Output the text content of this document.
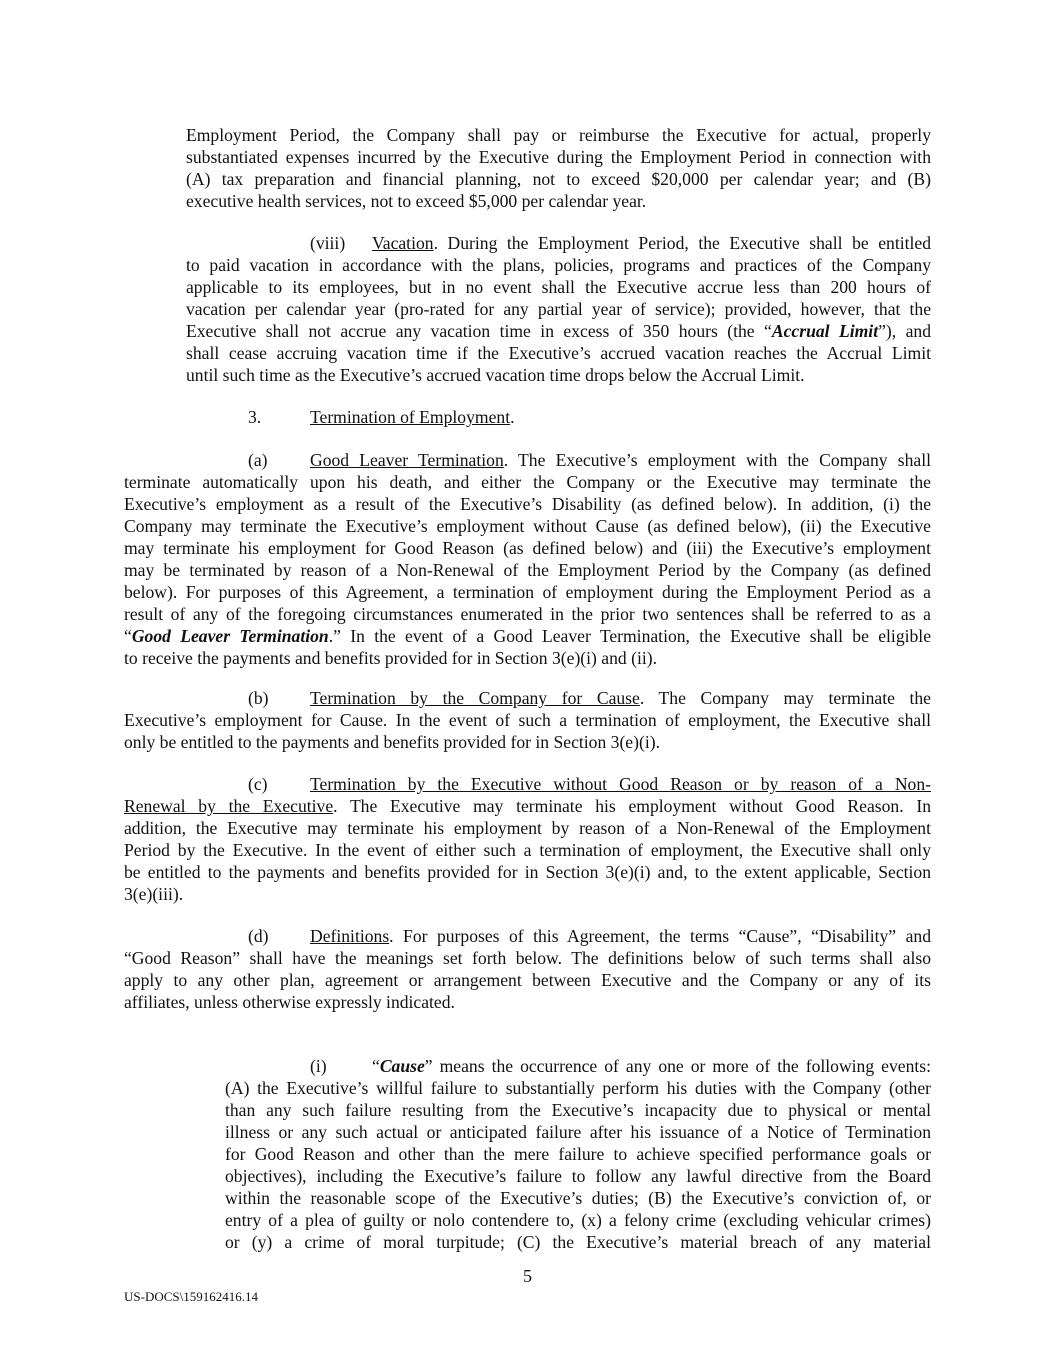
Employment Period, the Company shall pay or reimburse the Executive for actual, properly
substantiated expenses incurred by the Executive during the Employment Period in connection with
(A) tax preparation and financial planning, not to exceed $20,000 per calendar year; and (B)
executive health services, not to exceed $5,000 per calendar year.
(viii) Vacation. During the Employment Period, the Executive shall be entitled
to paid vacation in accordance with the plans, policies, programs and practices of the Company
applicable to its employees, but in no event shall the Executive accrue less than 200 hours of
vacation per calendar year (pro-rated for any partial year of service); provided, however, that the
Executive shall not accrue any vacation time in excess of 350 hours (the “Accrual Limit”), and
shall cease accruing vacation time if the Executive’s accrued vacation reaches the Accrual Limit
until such time as the Executive’s accrued vacation time drops below the Accrual Limit.
3.	Termination of Employment.
(a) Good Leaver Termination. The Executive’s employment with the Company shall
terminate automatically upon his death, and either the Company or the Executive may terminate the
Executive’s employment as a result of the Executive’s Disability (as defined below). In addition, (i) the
Company may terminate the Executive’s employment without Cause (as defined below), (ii) the Executive
may terminate his employment for Good Reason (as defined below) and (iii) the Executive’s employment
may be terminated by reason of a Non-Renewal of the Employment Period by the Company (as defined
below). For purposes of this Agreement, a termination of employment during the Employment Period as a
result of any of the foregoing circumstances enumerated in the prior two sentences shall be referred to as a
“Good Leaver Termination.” In the event of a Good Leaver Termination, the Executive shall be eligible
to receive the payments and benefits provided for in Section 3(e)(i) and (ii).
(b) Termination by the Company for Cause. The Company may terminate the
Executive’s employment for Cause. In the event of such a termination of employment, the Executive shall
only be entitled to the payments and benefits provided for in Section 3(e)(i).
(c) Termination by the Executive without Good Reason or by reason of a Non-
Renewal by the Executive. The Executive may terminate his employment without Good Reason. In
addition, the Executive may terminate his employment by reason of a Non-Renewal of the Employment
Period by the Executive. In the event of either such a termination of employment, the Executive shall only
be entitled to the payments and benefits provided for in Section 3(e)(i) and, to the extent applicable, Section
3(e)(iii).
(d) Definitions. For purposes of this Agreement, the terms “Cause”, “Disability” and
“Good Reason” shall have the meanings set forth below. The definitions below of such terms shall also
apply to any other plan, agreement or arrangement between Executive and the Company or any of its
affiliates, unless otherwise expressly indicated.
(i)	“Cause” means the occurrence of any one or more of the following events:
(A) the Executive’s willful failure to substantially perform his duties with the Company (other
than any such failure resulting from the Executive’s incapacity due to physical or mental
illness or any such actual or anticipated failure after his issuance of a Notice of Termination
for Good Reason and other than the mere failure to achieve specified performance goals or
objectives), including the Executive’s failure to follow any lawful directive from the Board
within the reasonable scope of the Executive’s duties; (B) the Executive’s conviction of, or
entry of a plea of guilty or nolo contendere to, (x) a felony crime (excluding vehicular crimes)
or (y) a crime of moral turpitude; (C) the Executive’s material breach of any material
5
US-DOCS\159162416.14
